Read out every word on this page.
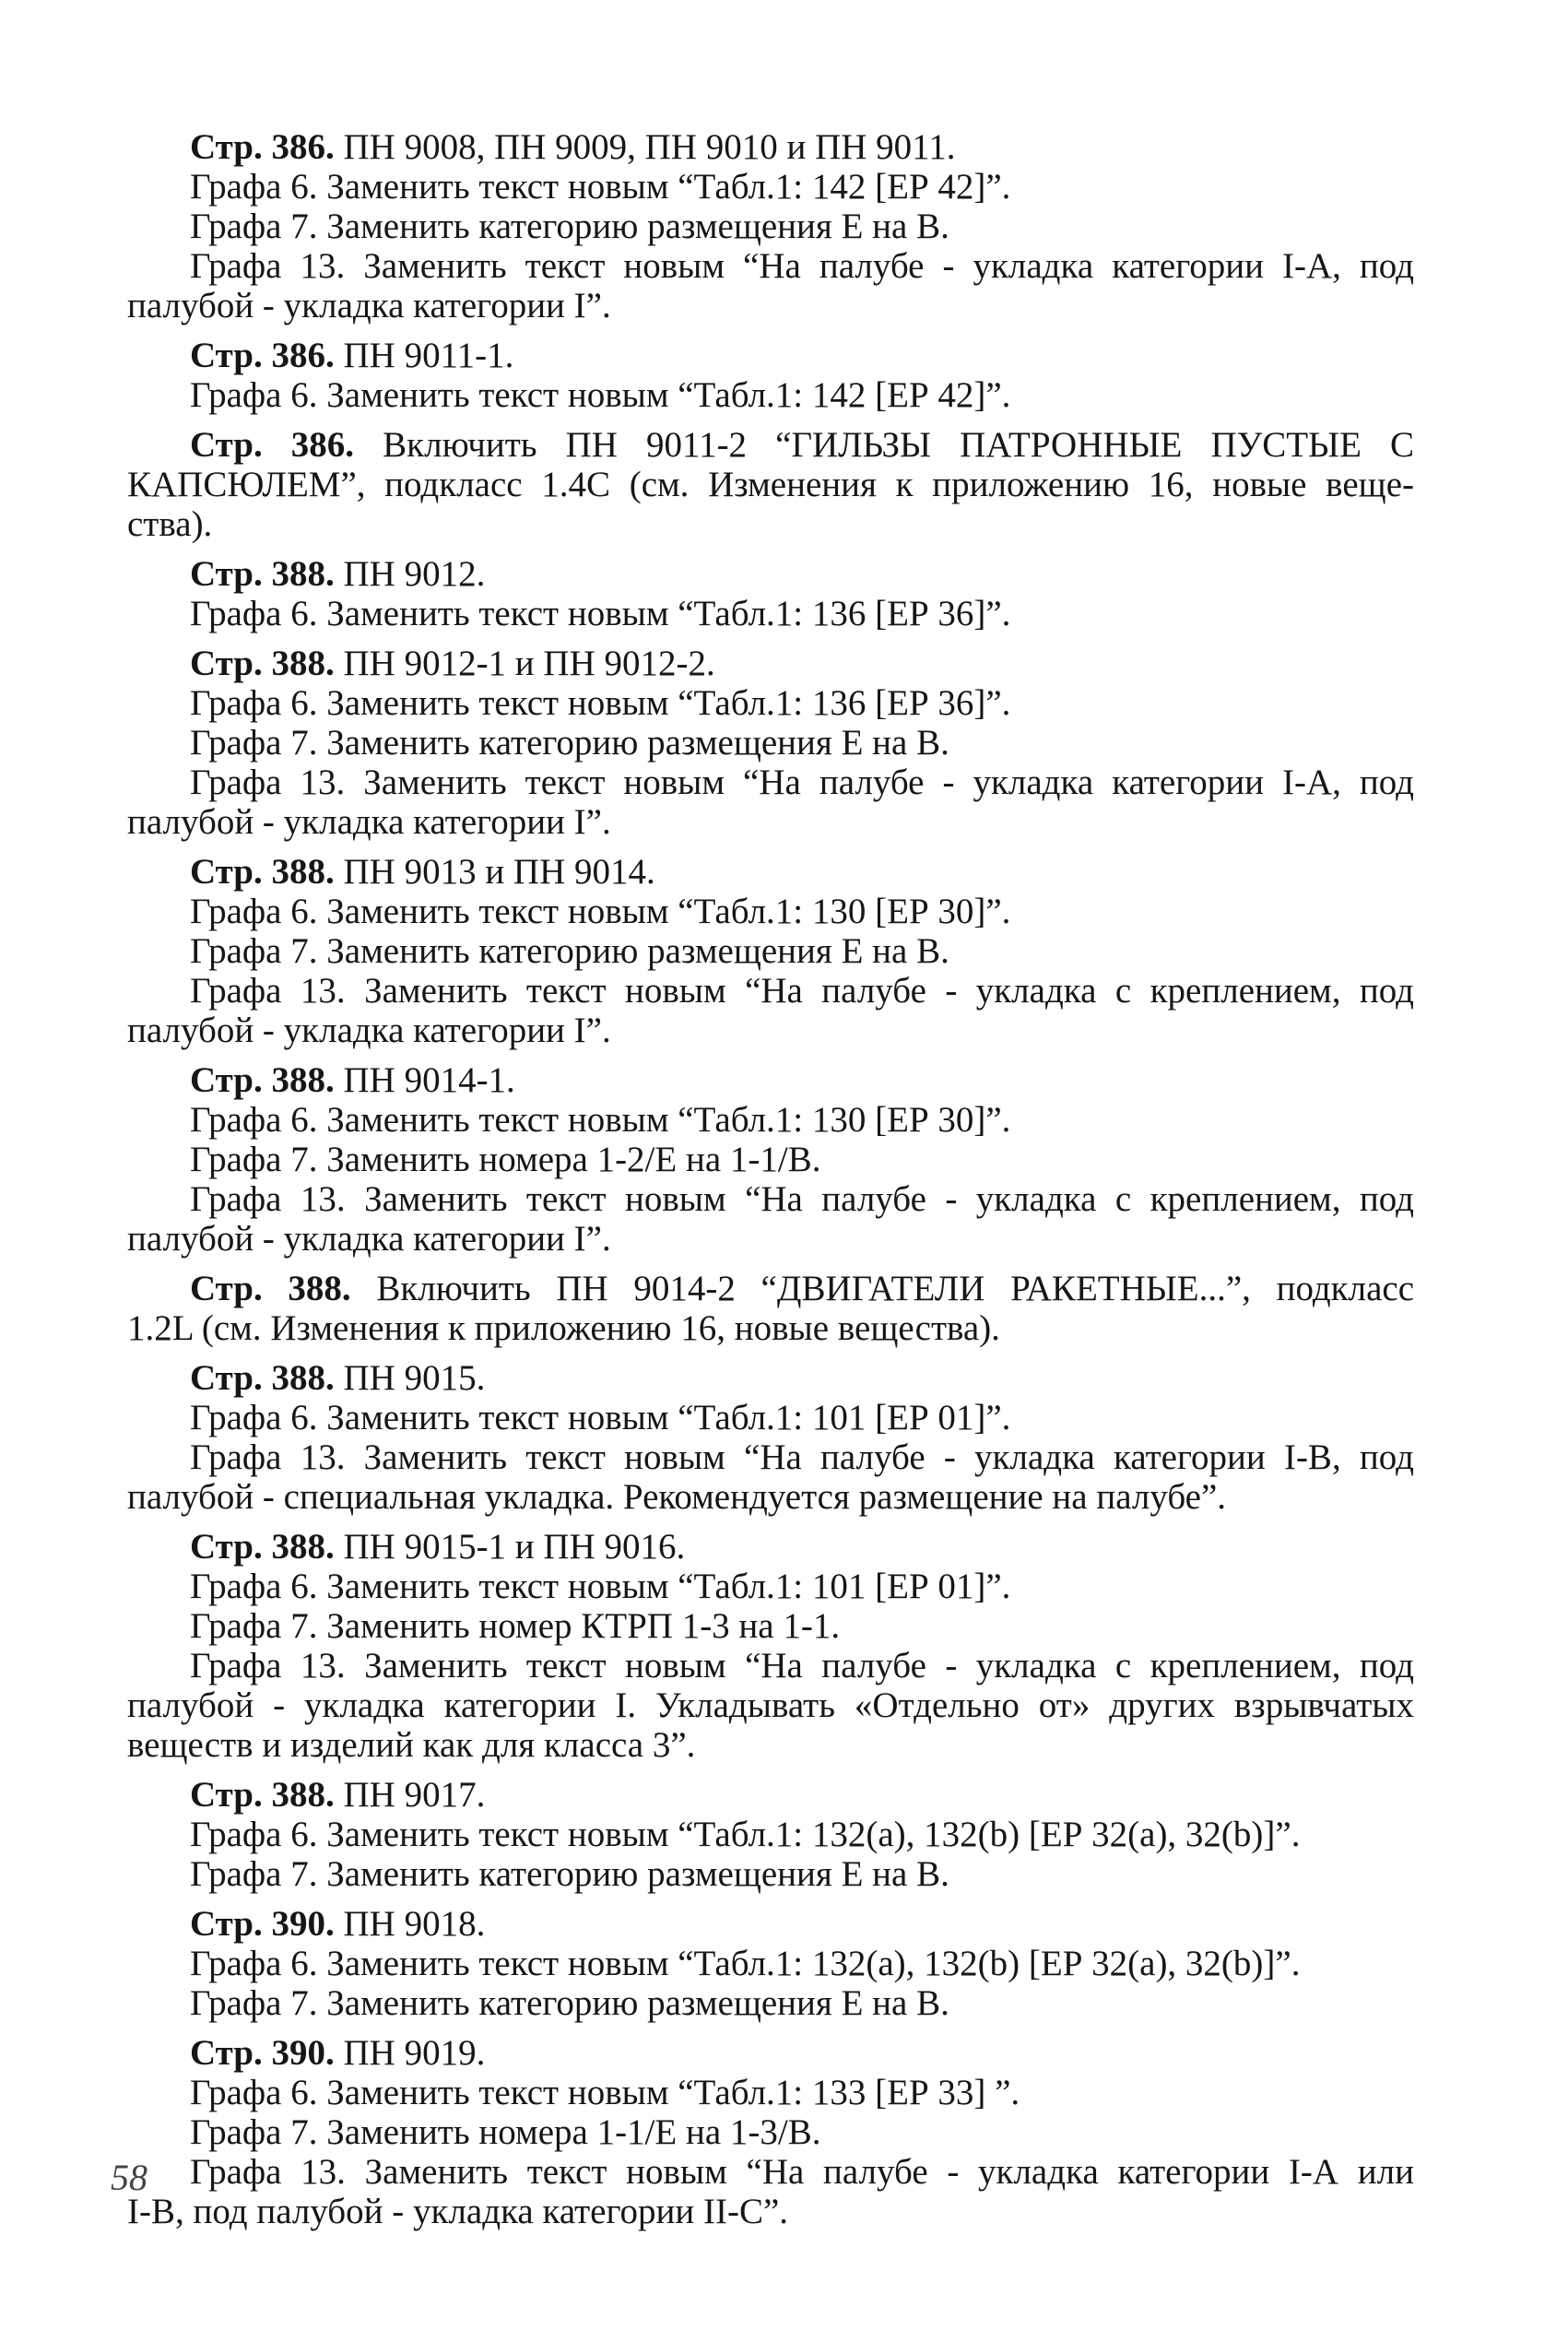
Стр. 386. ПН 9008, ПН 9009, ПН 9010 и ПН 9011.
Графа 6. Заменить текст новым “Табл.1: 142 [ЕР 42]”.
Графа 7. Заменить категорию размещения Е на В.
Графа 13. Заменить текст новым “На палубе - укладка категории I-А, под
палубой - укладка категории I”.
Стр. 386. ПН 9011-1.
Графа 6. Заменить текст новым “Табл.1: 142 [ЕР 42]”.
Стр. 386. Включить ПН 9011-2 “ГИЛЬЗЫ ПАТРОННЫЕ ПУСТЫЕ С
КАПСЮЛЕМ”, подкласс 1.4С (см. Изменения к приложению 16, новые веще-
ства).
Стр. 388. ПН 9012.
Графа 6. Заменить текст новым “Табл.1: 136 [ЕР 36]”.
Стр. 388. ПН 9012-1 и ПН 9012-2.
Графа 6. Заменить текст новым “Табл.1: 136 [ЕР 36]”.
Графа 7. Заменить категорию размещения Е на В.
Графа 13. Заменить текст новым “На палубе - укладка категории I-А, под
палубой - укладка категории I”.
Стр. 388. ПН 9013 и ПН 9014.
Графа 6. Заменить текст новым “Табл.1: 130 [ЕР 30]”.
Графа 7. Заменить категорию размещения Е на В.
Графа 13. Заменить текст новым “На палубе - укладка с креплением, под
палубой - укладка категории I”.
Стр. 388. ПН 9014-1.
Графа 6. Заменить текст новым “Табл.1: 130 [ЕР 30]”.
Графа 7. Заменить номера 1-2/Е на 1-1/В.
Графа 13. Заменить текст новым “На палубе - укладка с креплением, под
палубой - укладка категории I”.
Стр. 388. Включить ПН 9014-2 “ДВИГАТЕЛИ РАКЕТНЫЕ...”, подкласс
1.2L (см. Изменения к приложению 16, новые вещества).
Стр. 388. ПН 9015.
Графа 6. Заменить текст новым “Табл.1: 101 [ЕР 01]”.
Графа 13. Заменить текст новым “На палубе - укладка категории I-В, под
палубой - специальная укладка. Рекомендуется размещение на палубе”.
Стр. 388. ПН 9015-1 и ПН 9016.
Графа 6. Заменить текст новым “Табл.1: 101 [ЕР 01]”.
Графа 7. Заменить номер КТРП 1-3 на 1-1.
Графа 13. Заменить текст новым “На палубе - укладка с креплением, под
палубой - укладка категории I. Укладывать «Отдельно от» других взрывчатых
веществ и изделий как для класса 3”.
Стр. 388. ПН 9017.
Графа 6. Заменить текст новым “Табл.1: 132(а), 132(b) [ЕР 32(а), 32(b)]”.
Графа 7. Заменить категорию размещения Е на В.
Стр. 390. ПН 9018.
Графа 6. Заменить текст новым “Табл.1: 132(а), 132(b) [ЕР 32(а), 32(b)]”.
Графа 7. Заменить категорию размещения Е на В.
Стр. 390. ПН 9019.
Графа 6. Заменить текст новым “Табл.1: 133 [ЕР 33] ”.
Графа 7. Заменить номера 1-1/Е на 1-3/В.
Графа 13. Заменить текст новым “На палубе - укладка категории I-А или
I-В, под палубой - укладка категории II-С”.
58
